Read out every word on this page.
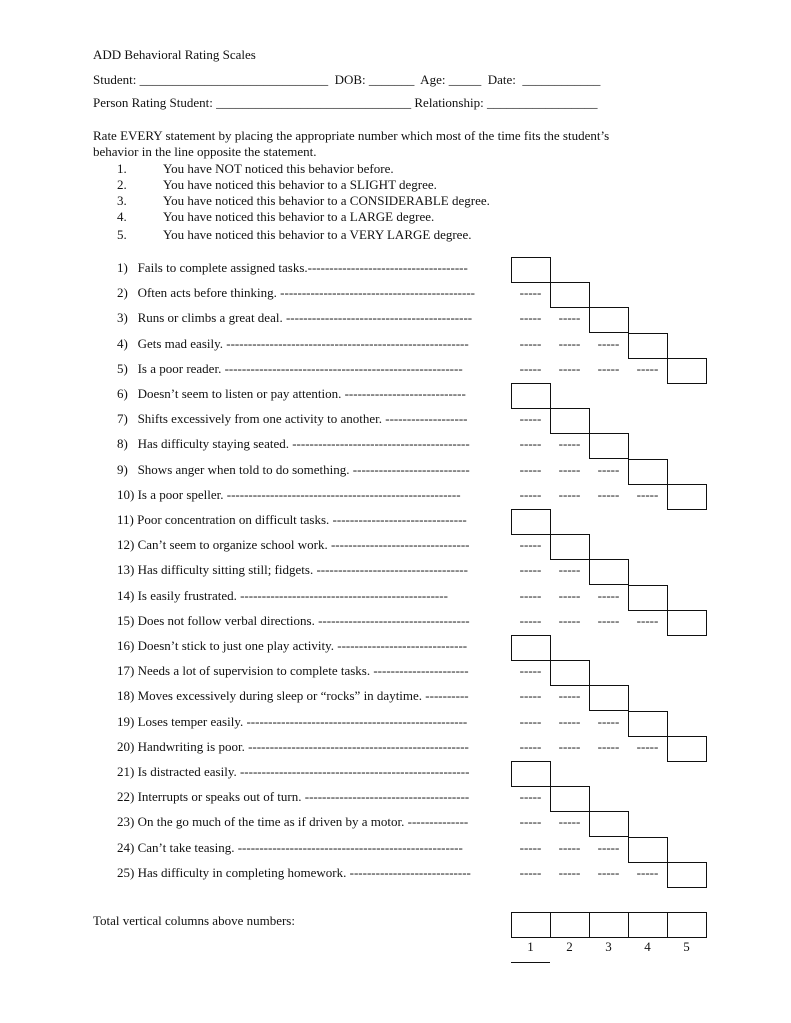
ADD Behavioral Rating Scales
Student: _____________________________  DOB: _______  Age: _____  Date:  ____________
Person Rating Student: ______________________________ Relationship: _________________
Rate EVERY statement by placing the appropriate number which most of the time fits the student’s
behavior in the line opposite the statement.
1.	You have NOT noticed this behavior before.
2.	You have noticed this behavior to a SLIGHT degree.
3.	You have noticed this behavior to a CONSIDERABLE degree.
4.	You have noticed this behavior to a LARGE degree.
5.	You have noticed this behavior to a VERY LARGE degree.
1)   Fails to complete assigned tasks.-------------------------------------
2)   Often acts before thinking. ---------------------------------------------	-----
3)   Runs or climbs a great deal. -------------------------------------------	-----	-----
4)   Gets mad easily. --------------------------------------------------------	-----	-----	-----
5)   Is a poor reader. -------------------------------------------------------	-----	-----	-----	-----
6)   Doesn’t seem to listen or pay attention. ----------------------------
7)   Shifts excessively from one activity to another. -------------------	-----
8)   Has difficulty staying seated. -----------------------------------------	-----	-----
9)   Shows anger when told to do something. ---------------------------	-----	-----	-----
10) Is a poor speller. ------------------------------------------------------	-----	-----	-----	-----
11) Poor concentration on difficult tasks. -------------------------------
12) Can’t seem to organize school work. --------------------------------	-----
13) Has difficulty sitting still; fidgets. -----------------------------------	-----	-----
14) Is easily frustrated. ------------------------------------------------	-----	-----	-----
15) Does not follow verbal directions. -----------------------------------	-----	-----	-----	-----
16) Doesn’t stick to just one play activity. ------------------------------
17) Needs a lot of supervision to complete tasks. ----------------------	-----
18) Moves excessively during sleep or “rocks” in daytime. ----------	-----	-----
19) Loses temper easily. ---------------------------------------------------	-----	-----	-----
20) Handwriting is poor. ---------------------------------------------------	-----	-----	-----	-----
21) Is distracted easily. -----------------------------------------------------
22) Interrupts or speaks out of turn. --------------------------------------	-----
23) On the go much of the time as if driven by a motor. --------------	-----	-----
24) Can’t take teasing. ----------------------------------------------------	-----	-----	-----
25) Has difficulty in completing homework. ----------------------------	-----	-----	-----	-----
Total vertical columns above numbers:
1	2	3	4	5
